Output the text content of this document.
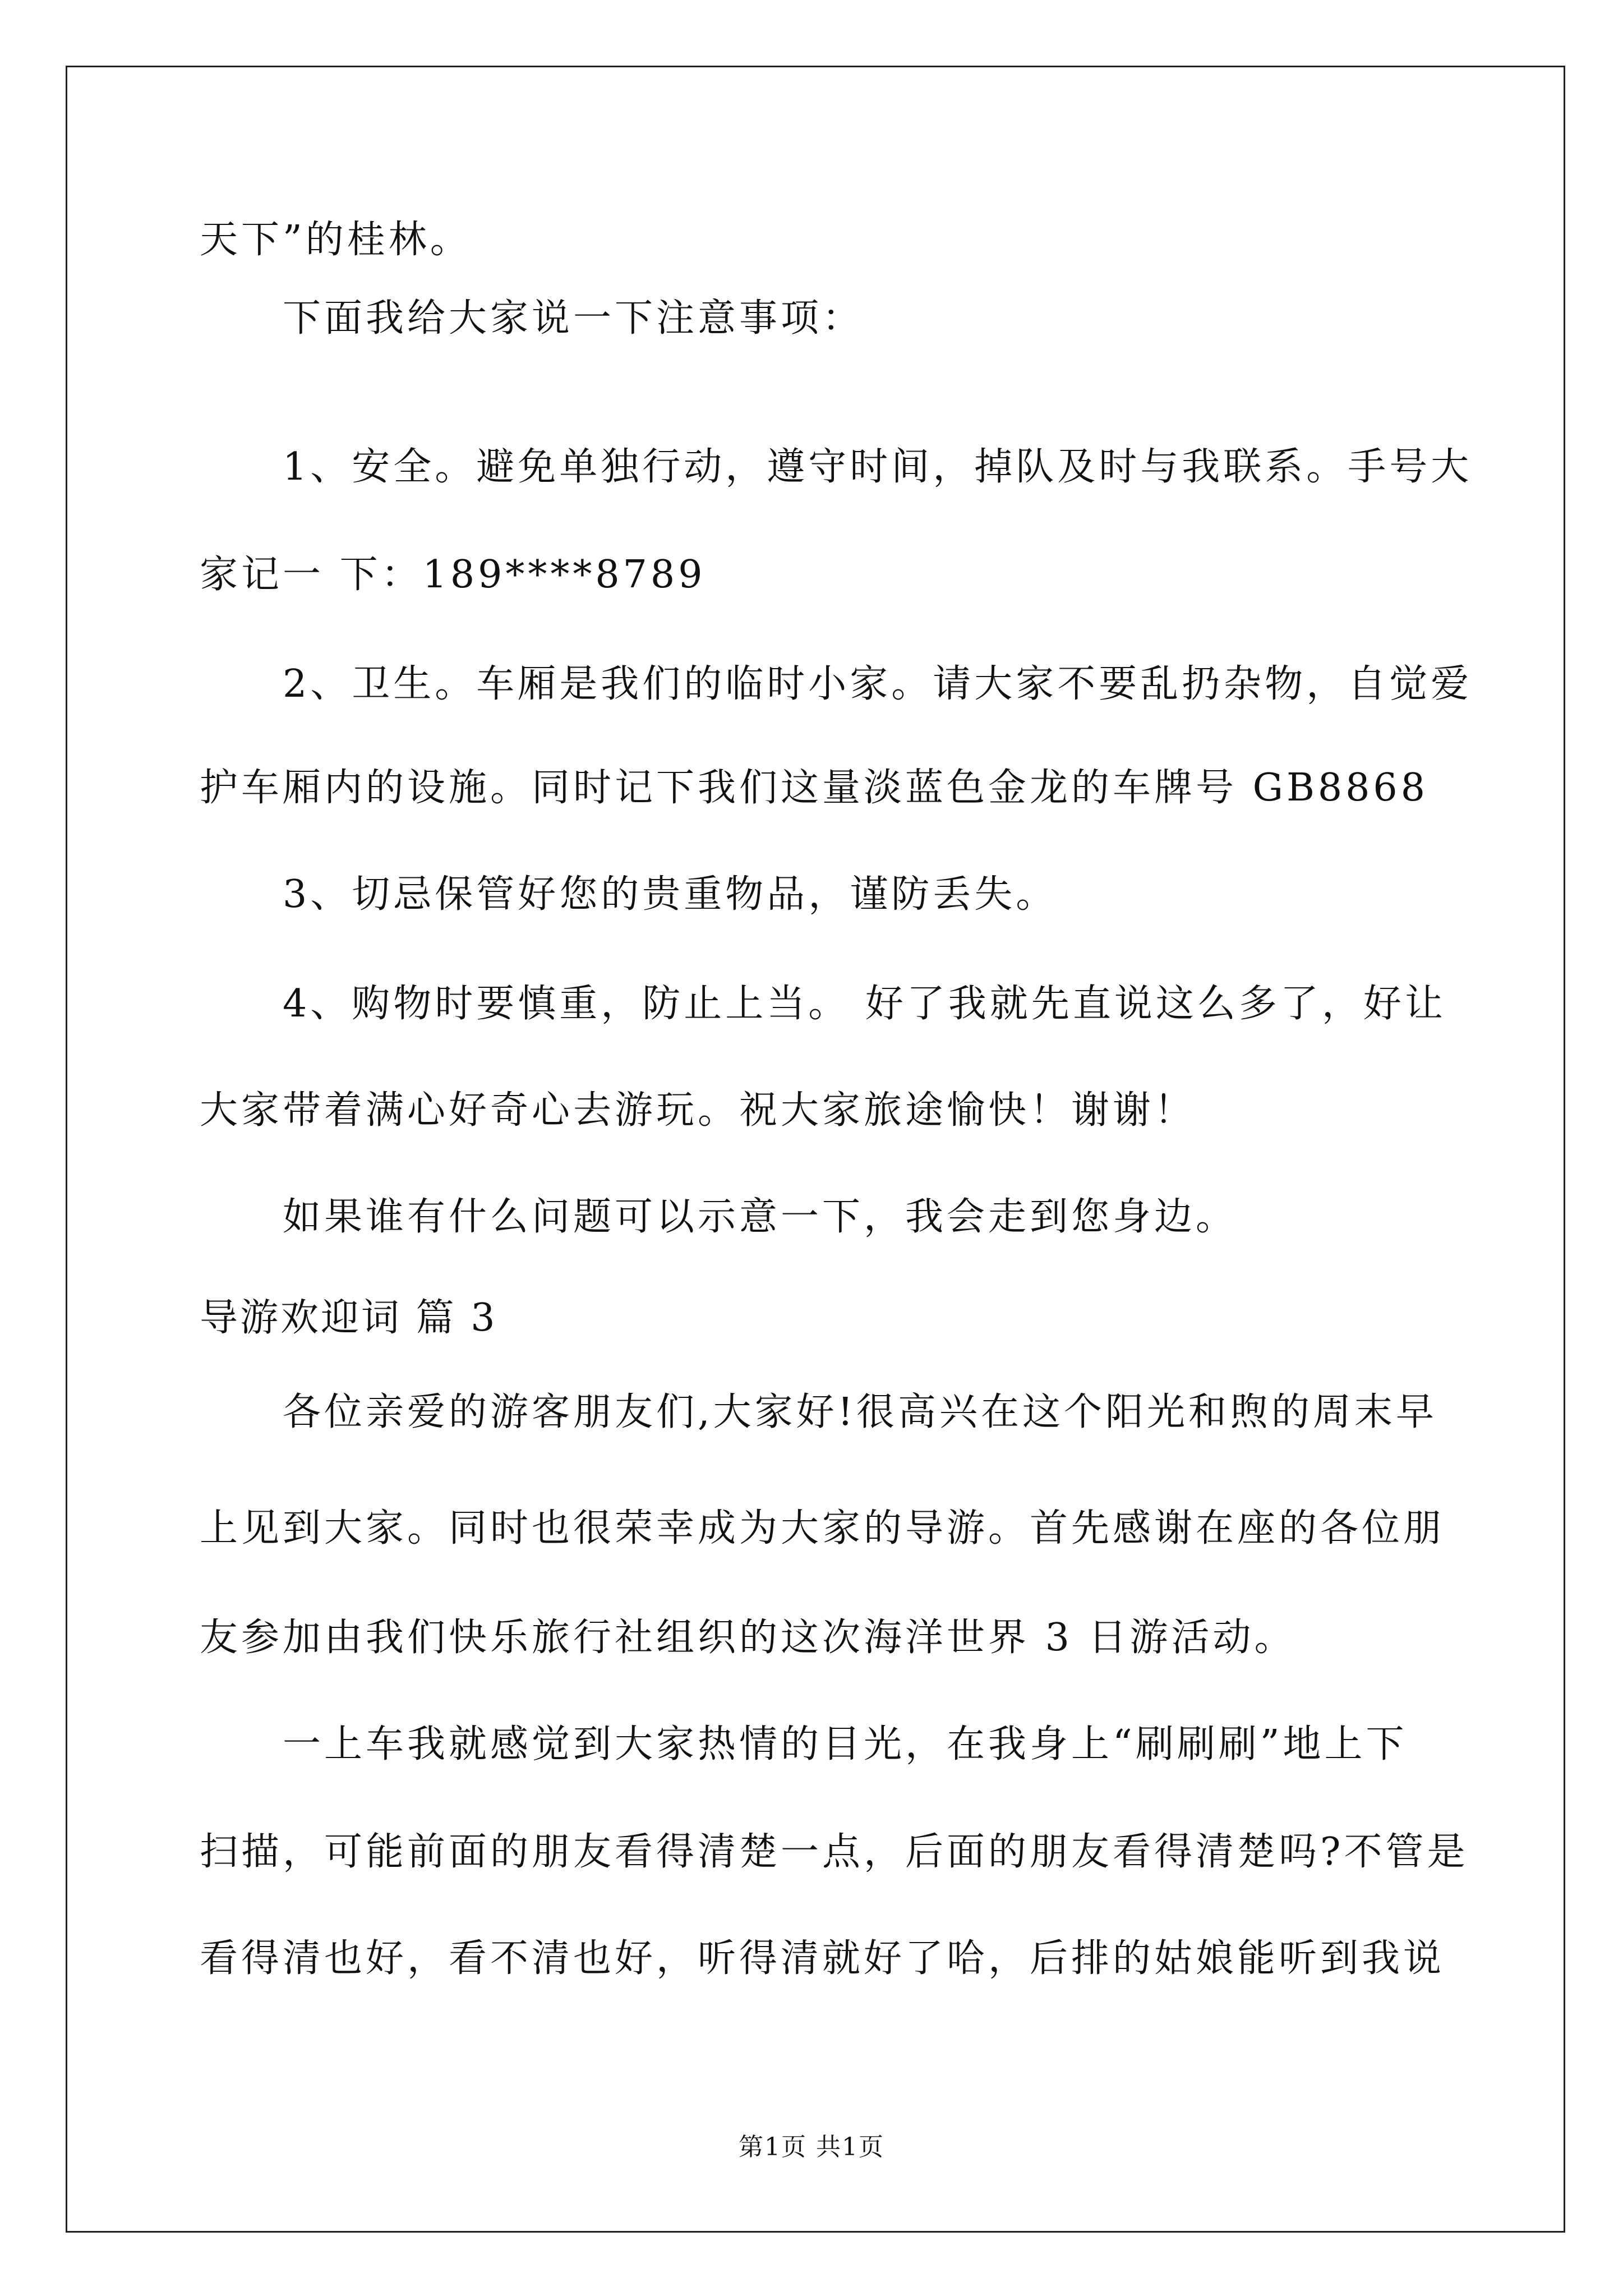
天下”的桂林。
下面我给大家说一下注意事项：
1、安全。避免单独行动，遵守时间，掉队及时与我联系。手号大
家记一 下：189****8789
2、卫生。车厢是我们的临时小家。请大家不要乱扔杂物，自觉爱
护车厢内的设施。同时记下我们这量淡蓝色金龙的车牌号 GB8868
3、切忌保管好您的贵重物品，谨防丢失。
4、购物时要慎重，防止上当。 好了我就先直说这么多了，好让
大家带着满心好奇心去游玩。祝大家旅途愉快！谢谢！
如果谁有什么问题可以示意一下，我会走到您身边。
导游欢迎词 篇 3
各位亲爱的游客朋友们,大家好!很高兴在这个阳光和煦的周末早
上见到大家。同时也很荣幸成为大家的导游。首先感谢在座的各位朋
友参加由我们快乐旅行社组织的这次海洋世界 3 日游活动。
一上车我就感觉到大家热情的目光，在我身上“刷刷刷”地上下
扫描，可能前面的朋友看得清楚一点，后面的朋友看得清楚吗?不管是
看得清也好，看不清也好，听得清就好了哈，后排的姑娘能听到我说
第1页 共1页
